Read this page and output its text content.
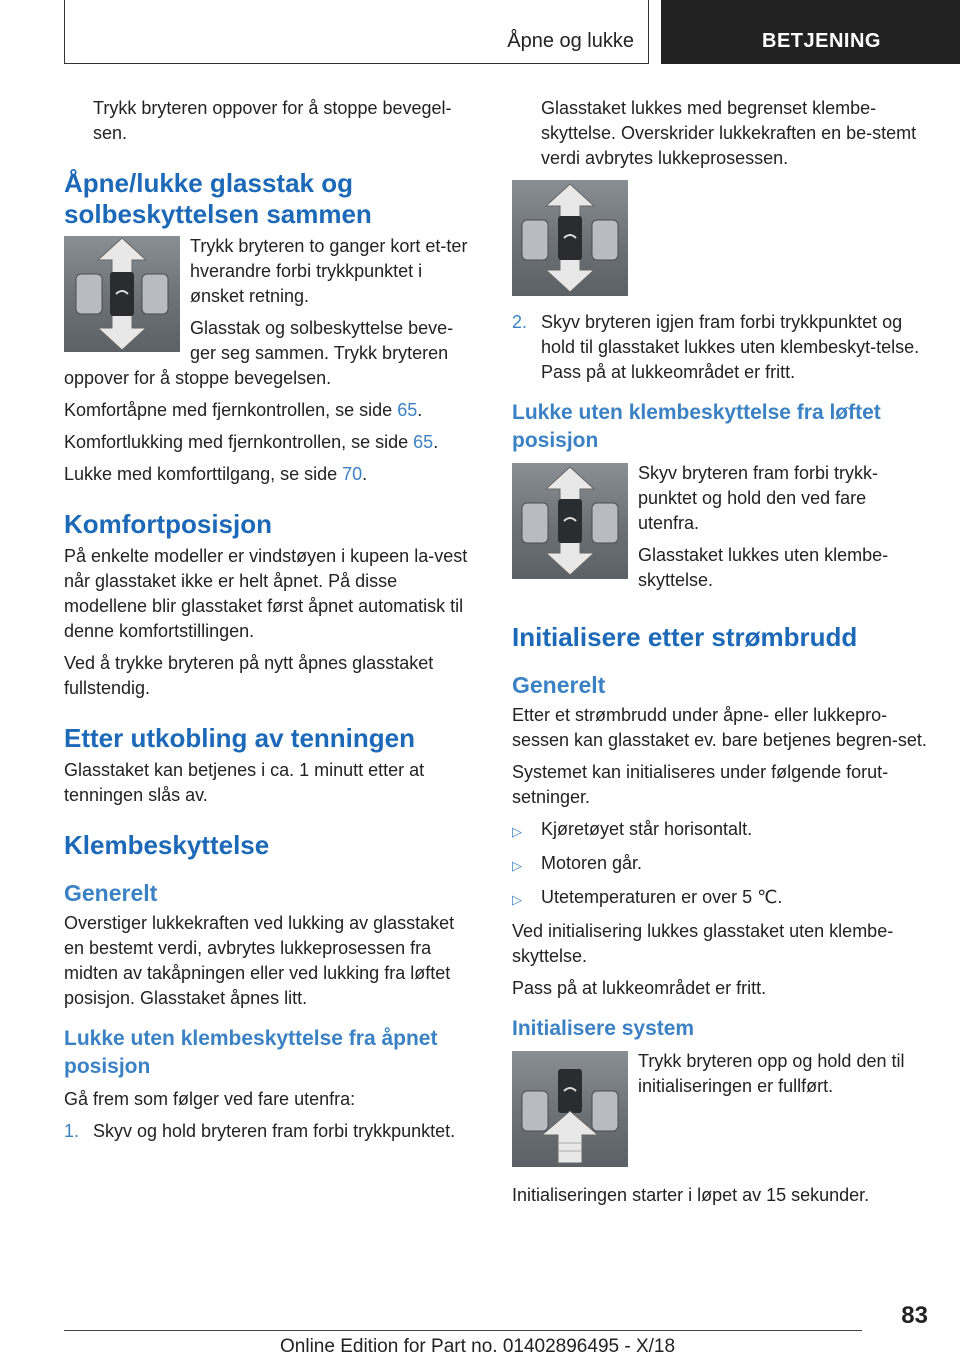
Åpne og lukke	BETJENING

Trykk bryteren oppover for å stoppe bevegel-sen.

Åpne/lukke glasstak og solbeskyttelsen sammen

Trykk bryteren to ganger kort et-ter hverandre forbi trykkpunktet i ønsket retning.

Glasstak og solbeskyttelse beve-ger seg sammen. Trykk bryteren oppover for å stoppe bevegelsen.

Komfortåpne med fjernkontrollen, se side 65.

Komfortlukking med fjernkontrollen, se side 65.

Lukke med komforttilgang, se side 70.

Komfortposisjon

På enkelte modeller er vindstøyen i kupeen la-vest når glasstaket ikke er helt åpnet. På disse modellene blir glasstaket først åpnet automatisk til denne komfortstillingen.

Ved å trykke bryteren på nytt åpnes glasstaket fullstendig.

Etter utkobling av tenningen

Glasstaket kan betjenes i ca. 1 minutt etter at tenningen slås av.

Klembeskyttelse
Generelt

Overstiger lukkekraften ved lukking av glasstaket en bestemt verdi, avbrytes lukkeprosessen fra midten av takåpningen eller ved lukking fra løftet posisjon. Glasstaket åpnes litt.

Lukke uten klembeskyttelse fra åpnet posisjon

Gå frem som følger ved fare utenfra:

1. Skyv og hold bryteren fram forbi trykkpunktet.

Glasstaket lukkes med begrenset klembe-skyttelse. Overskrider lukkekraften en be-stemt verdi avbrytes lukkeprosessen.

2. Skyv bryteren igjen fram forbi trykkpunktet og hold til glasstaket lukkes uten klembeskyt-telse. Pass på at lukkeområdet er fritt.
Lukke uten klembeskyttelse fra løftet posisjon

Skyv bryteren fram forbi trykk-punktet og hold den ved fare utenfra.

Glasstaket lukkes uten klembe-skyttelse.

Initialisere etter strømbrudd
Generelt

Etter et strømbrudd under åpne- eller lukkepro-sessen kan glasstaket ev. bare betjenes begren-set.

Systemet kan initialiseres under følgende forut-setninger.

▷	Kjøretøyet står horisontalt.
▷	Motoren går.
▷	Utetemperaturen er over 5 ℃.

Ved initialisering lukkes glasstaket uten klembe-skyttelse.

Pass på at lukkeområdet er fritt.

Initialisere system

Trykk bryteren opp og hold den til initialiseringen er fullført.

Initialiseringen starter i løpet av 15 sekunder.

83
Online Edition for Part no. 01402896495 - X/18
